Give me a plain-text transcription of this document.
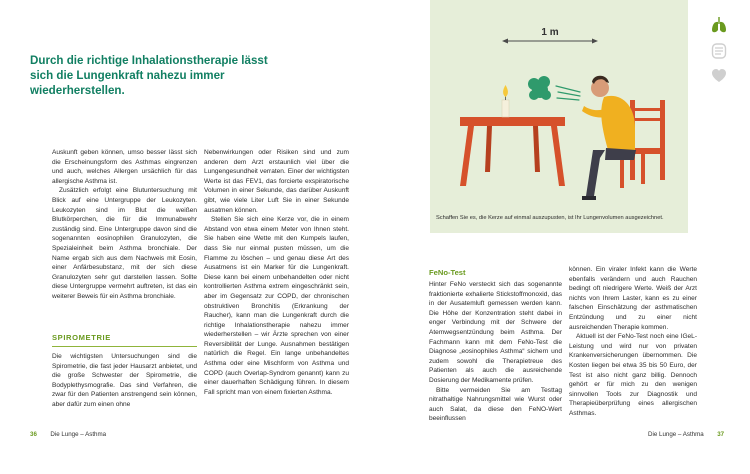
Durch die richtige Inhalationstherapie lässt sich die Lungenkraft nahezu immer wiederherstellen.

Auskunft geben können, umso besser lässt sich die Erscheinungsform des Asthmas eingrenzen und auch, welches Allergen ursächlich für das allergische Asthma ist.

Zusätzlich erfolgt eine Blutuntersuchung mit Blick auf eine Untergruppe der Leukozyten. Leukozyten sind im Blut die weißen Blutkörperchen, die für die Immunabwehr zuständig sind. Eine Untergruppe davon sind die sogenannten eosinophilen Granulozyten, die Spezialeinheit beim Asthma bronchiale. Der Name ergab sich aus dem Nachweis mit Eosin, einer Anfärbesubstanz, mit der sich diese Granulozyten sehr gut darstellen lassen. Sollte diese Untergruppe vermehrt auftreten, ist das ein weiterer Beweis für ein Asthma bronchiale.

SPIROMETRIE

Die wichtigsten Untersuchungen sind die Spirometrie, die fast jeder Hausarzt anbietet, und die große Schwester der Spirometrie, die Bodyplethysmografie. Das sind Verfahren, die zwar für den Patienten anstrengend sein können, aber dafür zum einen ohne

Nebenwirkungen oder Risiken sind und zum anderen dem Arzt erstaunlich viel über die Lungengesundheit verraten. Einer der wichtigsten Werte ist das FEV1, das forcierte exspiratorische Volumen in einer Sekunde, das darüber Auskunft gibt, wie viele Liter Luft Sie in einer Sekunde ausatmen können.

Stellen Sie sich eine Kerze vor, die in einem Abstand von etwa einem Meter von Ihnen steht. Sie haben eine Wette mit den Kumpels laufen, dass Sie nur einmal pusten müssen, um die Flamme zu löschen – und genau diese Art des Ausatmens ist ein Marker für die Lungenkraft. Diese kann bei einem unbehandelten oder nicht kontrollierten Asthma extrem eingeschränkt sein, aber im Gegensatz zur COPD, der chronischen obstruktiven Bronchitis (Erkrankung der Raucher), kann man die Lungenkraft durch die richtige Inhalationstherapie nahezu immer wiederherstellen – wir Ärzte sprechen von einer Reversibilität der Lunge. Ausnahmen bestätigen natürlich die Regel. Ein lange unbehandeltes Asthma oder eine Mischform von Asthma und COPD (auch Overlap-Syndrom genannt) kann zu einer dauerhaften Schädigung führen. In diesem Fall spricht man von einem fixierten Asthma.

36 Die Lunge – Asthma
1 m

Schaffen Sie es, die Kerze auf einmal auszupusten, ist Ihr Lungenvolumen ausgezeichnet.

FeNo-Test

Hinter FeNo versteckt sich das sogenannte fraktionierte exhalierte Stickstoffmonoxid, das in der Ausatemluft gemessen werden kann. Die Höhe der Konzentration steht dabei in enger Verbindung mit der Schwere der Atemwegsentzündung beim Asthma. Der Fachmann kann mit dem FeNo-Test die Diagnose „eosinophiles Asthma“ sichern und zudem sowohl die Therapietreue des Patienten als auch die ausreichende Dosierung der Medikamente prüfen.

Bitte vermeiden Sie am Testtag nitrathaltige Nahrungsmittel wie Wurst oder auch Salat, da diese den FeNO-Wert beeinflussen

können. Ein viraler Infekt kann die Werte ebenfalls verändern und auch Rauchen bedingt oft niedrigere Werte. Weiß der Arzt nichts von Ihrem Laster, kann es zu einer falschen Einschätzung der asthmatischen Entzündung und zu einer nicht ausreichenden Therapie kommen.

Aktuell ist der FeNo-Test noch eine IGeL-Leistung und wird nur von privaten Krankenversicherungen übernommen. Die Kosten liegen bei etwa 35 bis 50 Euro, der Test ist also nicht ganz billig. Dennoch gehört er für mich zu den wenigen sinnvollen Tools zur Diagnostik und Therapieüberprüfung eines allergischen Asthmas.

Die Lunge – Asthma 37
